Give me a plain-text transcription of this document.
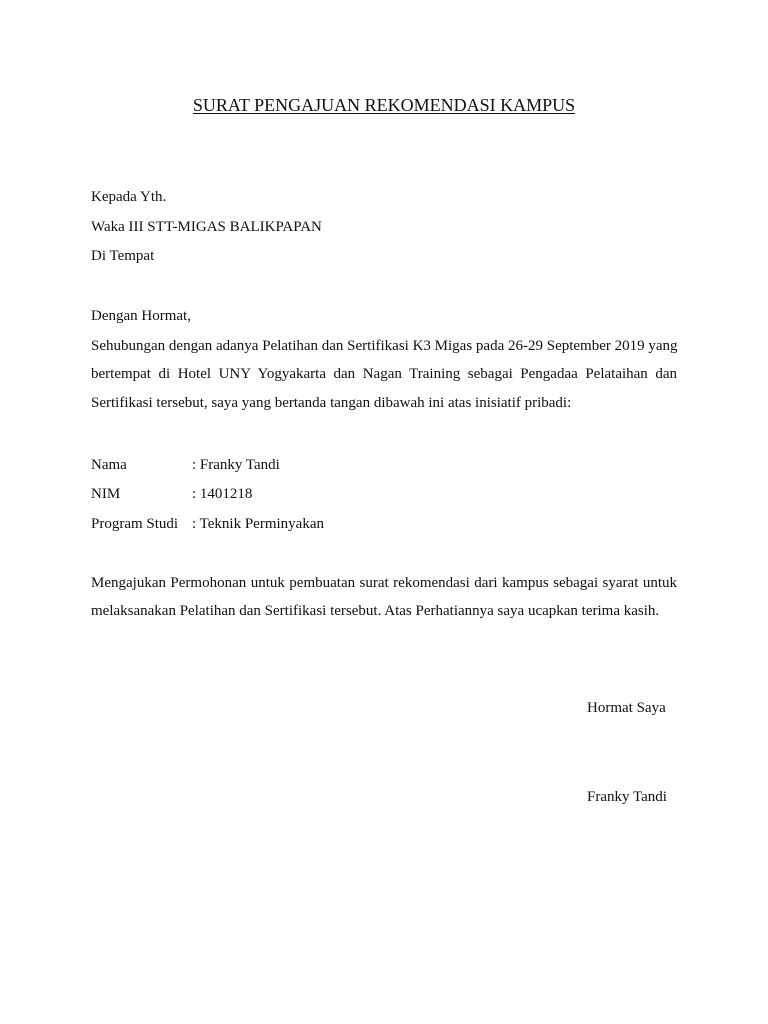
SURAT PENGAJUAN REKOMENDASI KAMPUS
Kepada Yth.
Waka III STT-MIGAS BALIKPAPAN
Di Tempat
Dengan Hormat,
Sehubungan dengan adanya Pelatihan dan Sertifikasi K3 Migas pada 26-29 September 2019 yang
bertempat di Hotel UNY Yogyakarta dan Nagan Training sebagai Pengadaa Pelataihan dan
Sertifikasi tersebut, saya yang bertanda tangan dibawah ini atas inisiatif pribadi:
Nama	: Franky Tandi
NIM	: 1401218
Program Studi : Teknik Perminyakan
Mengajukan Permohonan untuk pembuatan surat rekomendasi dari kampus sebagai syarat untuk
melaksanakan Pelatihan dan Sertifikasi tersebut. Atas Perhatiannya saya ucapkan terima kasih.
Hormat Saya
Franky Tandi
